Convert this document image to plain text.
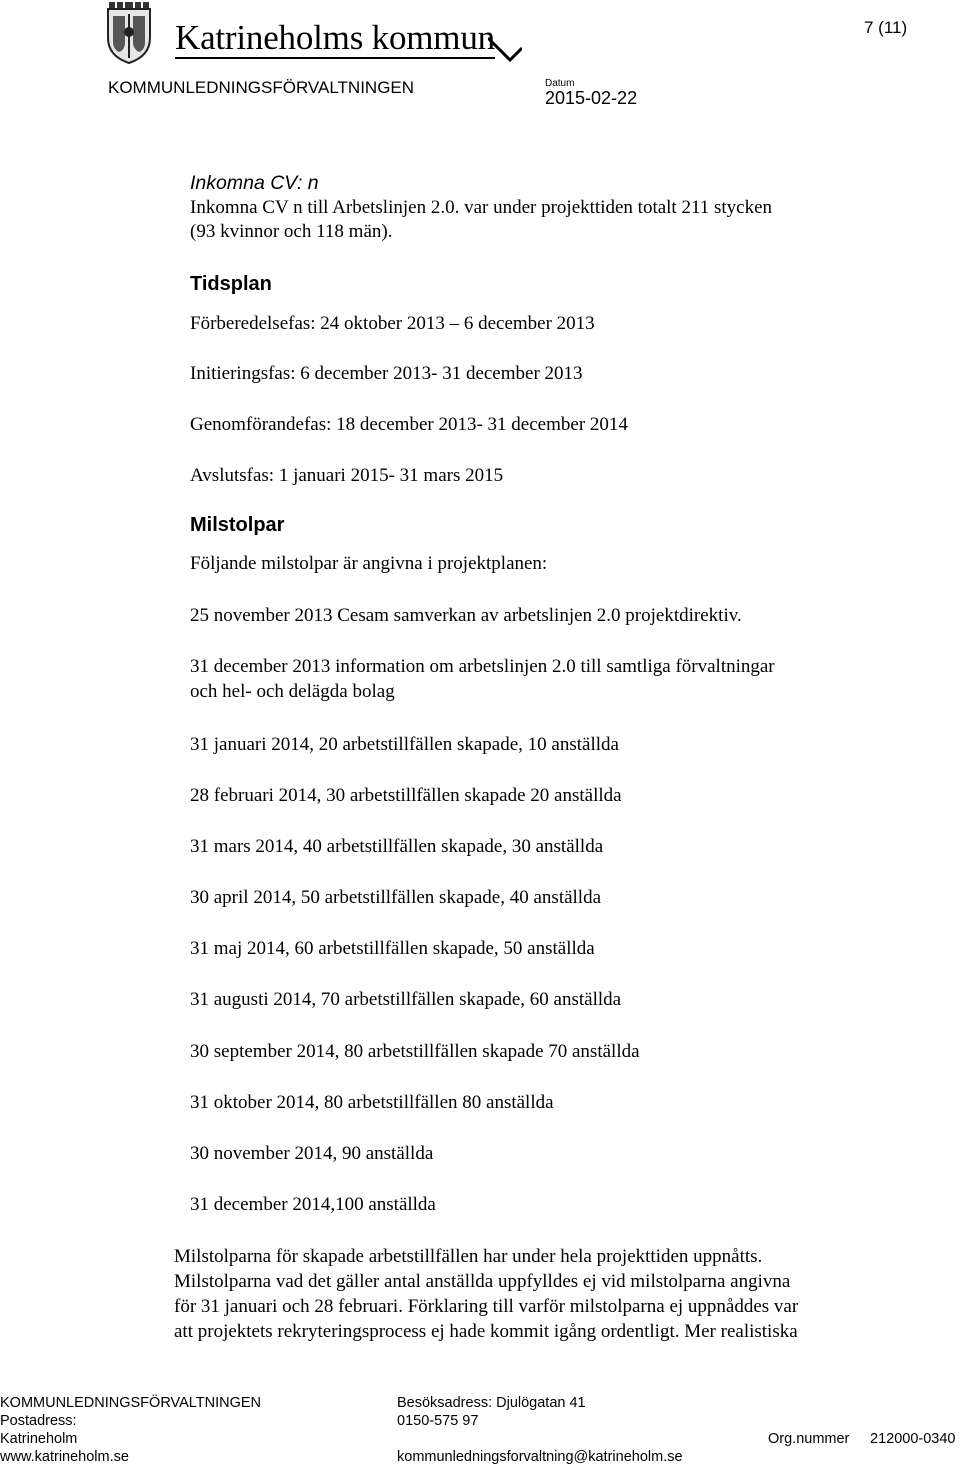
Katrineholms kommun
KOMMUNLEDNINGSFÖRVALTNINGEN
7 (11)
Datum
2015-02-22
Inkomna CV: n
Inkomna CV n till Arbetslinjen 2.0. var under projekttiden totalt 211 stycken
(93 kvinnor och 118 män).
Tidsplan
Förberedelsefas: 24 oktober 2013 – 6 december 2013
Initieringsfas: 6 december 2013- 31 december 2013
Genomförandefas: 18 december 2013- 31 december 2014
Avslutsfas: 1 januari 2015- 31 mars 2015
Milstolpar
Följande milstolpar är angivna i projektplanen:
25 november 2013 Cesam samverkan av arbetslinjen 2.0 projektdirektiv.
31 december 2013 information om arbetslinjen 2.0 till samtliga förvaltningar
och hel- och delägda bolag
31 januari 2014, 20 arbetstillfällen skapade, 10 anställda
28 februari 2014, 30 arbetstillfällen skapade 20 anställda
31 mars 2014, 40 arbetstillfällen skapade, 30 anställda
30 april 2014, 50 arbetstillfällen skapade, 40 anställda
31 maj 2014, 60 arbetstillfällen skapade, 50 anställda
31 augusti 2014, 70 arbetstillfällen skapade, 60 anställda
30 september 2014, 80 arbetstillfällen skapade 70 anställda
31 oktober 2014, 80 arbetstillfällen 80 anställda
30 november 2014, 90 anställda
31 december 2014,100 anställda
Milstolparna för skapade arbetstillfällen har under hela projekttiden uppnåtts.
Milstolparna vad det gäller antal anställda uppfylldes ej vid milstolparna angivna
för 31 januari och 28 februari. Förklaring till varför milstolparna ej uppnåddes var
att projektets rekryteringsprocess ej hade kommit igång ordentligt. Mer realistiska
KOMMUNLEDNINGSFÖRVALTNINGEN
Postadress:
Katrineholm
www.katrineholm.se
Besöksadress: Djulögatan 41
0150-575 97
kommunledningsforvaltning@katrineholm.se
Org.nummer 212000-0340
